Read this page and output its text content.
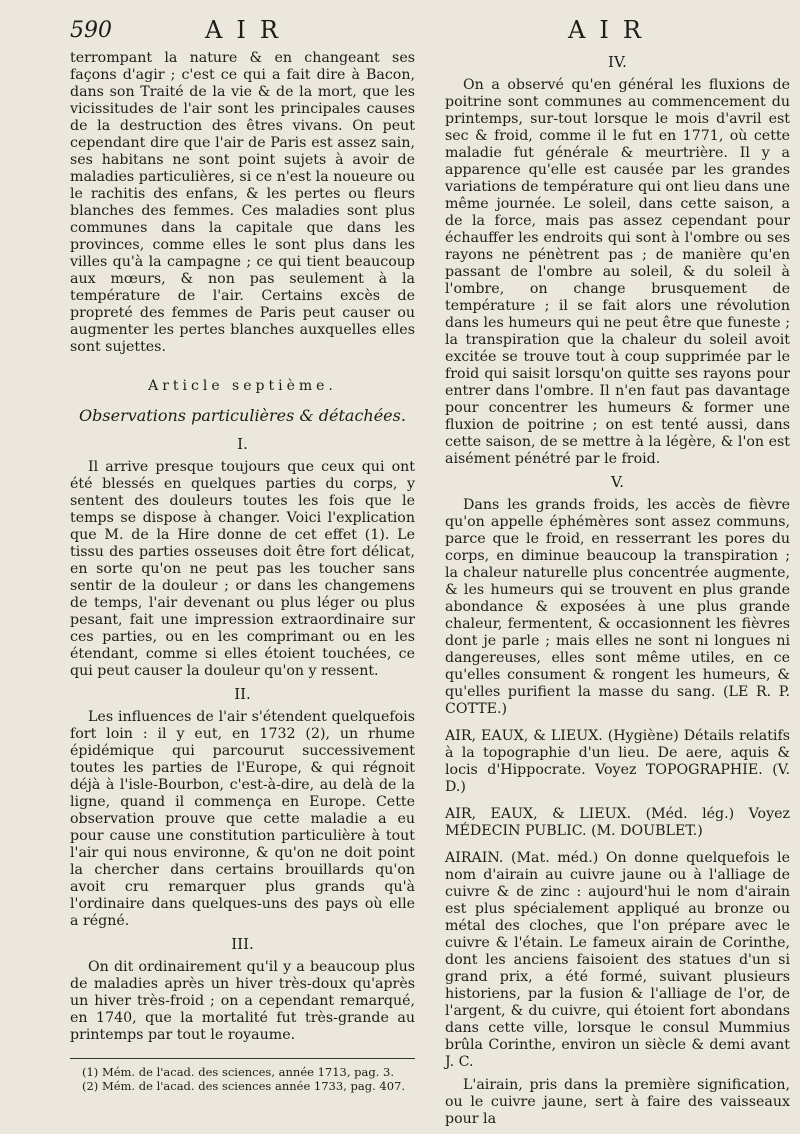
590	AIR	AIR

terrompant la nature & en changeant ses façons d'agir ; c'est ce qui a fait dire à Bacon, dans son Traité de la vie & de la mort, que les vicissitudes de l'air sont les principales causes de la destruction des êtres vivans. On peut cependant dire que l'air de Paris est assez sain, ses habitans ne sont point sujets à avoir de maladies particulières, si ce n'est la noueure ou le rachitis des enfans, & les pertes ou fleurs blanches des femmes. Ces maladies sont plus communes dans la capitale que dans les provinces, comme elles le sont plus dans les villes qu'à la campagne ; ce qui tient beaucoup aux mœurs, & non pas seulement à la température de l'air. Certains excès de propreté des femmes de Paris peut causer ou augmenter les pertes blanches auxquelles elles sont sujettes.

Article septième.
Observations particulières & détachées.
I.

Il arrive presque toujours que ceux qui ont été blessés en quelques parties du corps, y sentent des douleurs toutes les fois que le temps se dispose à changer. Voici l'explication que M. de la Hire donne de cet effet (1). Le tissu des parties osseuses doit être fort délicat, en sorte qu'on ne peut pas les toucher sans sentir de la douleur ; or dans les changemens de temps, l'air devenant ou plus léger ou plus pesant, fait une impression extraordinaire sur ces parties, ou en les comprimant ou en les étendant, comme si elles étoient touchées, ce qui peut causer la douleur qu'on y ressent.

II.

Les influences de l'air s'étendent quelquefois fort loin : il y eut, en 1732 (2), un rhume épidémique qui parcourut successivement toutes les parties de l'Europe, & qui régnoit déjà à l'isle-Bourbon, c'est-à-dire, au delà de la ligne, quand il commença en Europe. Cette observation prouve que cette maladie a eu pour cause une constitution particulière à tout l'air qui nous environne, & qu'on ne doit point la chercher dans certains brouillards qu'on avoit cru remarquer plus grands qu'à l'ordinaire dans quelques-uns des pays où elle a régné.

III.

On dit ordinairement qu'il y a beaucoup plus de maladies après un hiver très-doux qu'après un hiver très-froid ; on a cependant remarqué, en 1740, que la mortalité fut très-grande au printemps par tout le royaume.

(1) Mém. de l'acad. des sciences, année 1713, pag. 3.
(2) Mém. de l'acad. des sciences année 1733, pag. 407.
IV.

On a observé qu'en général les fluxions de poitrine sont communes au commencement du printemps, sur-tout lorsque le mois d'avril est sec & froid, comme il le fut en 1771, où cette maladie fut générale & meurtrière. Il y a apparence qu'elle est causée par les grandes variations de température qui ont lieu dans une même journée. Le soleil, dans cette saison, a de la force, mais pas assez cependant pour échauffer les endroits qui sont à l'ombre ou ses rayons ne pénètrent pas ; de manière qu'en passant de l'ombre au soleil, & du soleil à l'ombre, on change brusquement de température ; il se fait alors une révolution dans les humeurs qui ne peut être que funeste ; la transpiration que la chaleur du soleil avoit excitée se trouve tout à coup supprimée par le froid qui saisit lorsqu'on quitte ses rayons pour entrer dans l'ombre. Il n'en faut pas davantage pour concentrer les humeurs & former une fluxion de poitrine ; on est tenté aussi, dans cette saison, de se mettre à la légère, & l'on est aisément pénétré par le froid.

V.

Dans les grands froids, les accès de fièvre qu'on appelle éphémères sont assez communs, parce que le froid, en resserrant les pores du corps, en diminue beaucoup la transpiration ; la chaleur naturelle plus concentrée augmente, & les humeurs qui se trouvent en plus grande abondance & exposées à une plus grande chaleur, fermentent, & occasionnent les fièvres dont je parle ; mais elles ne sont ni longues ni dangereuses, elles sont même utiles, en ce qu'elles consument & rongent les humeurs, & qu'elles purifient la masse du sang. (LE R. P. COTTE.)

AIR, EAUX, & LIEUX. (Hygiène) Détails relatifs à la topographie d'un lieu. De aere, aquis & locis d'Hippocrate. Voyez TOPOGRAPHIE. (V. D.)

AIR, EAUX, & LIEUX. (Méd. lég.) Voyez MÉDECIN PUBLIC. (M. DOUBLET.)

AIRAIN. (Mat. méd.) On donne quelquefois le nom d'airain au cuivre jaune ou à l'alliage de cuivre & de zinc : aujourd'hui le nom d'airain est plus spécialement appliqué au bronze ou métal des cloches, que l'on prépare avec le cuivre & l'étain. Le fameux airain de Corinthe, dont les anciens faisoient des statues d'un si grand prix, a été formé, suivant plusieurs historiens, par la fusion & l'alliage de l'or, de l'argent, & du cuivre, qui étoient fort abondans dans cette ville, lorsque le consul Mummius brûla Corinthe, environ un siècle & demi avant J. C.

L'airain, pris dans la première signification, ou le cuivre jaune, sert à faire des vaisseaux pour la
